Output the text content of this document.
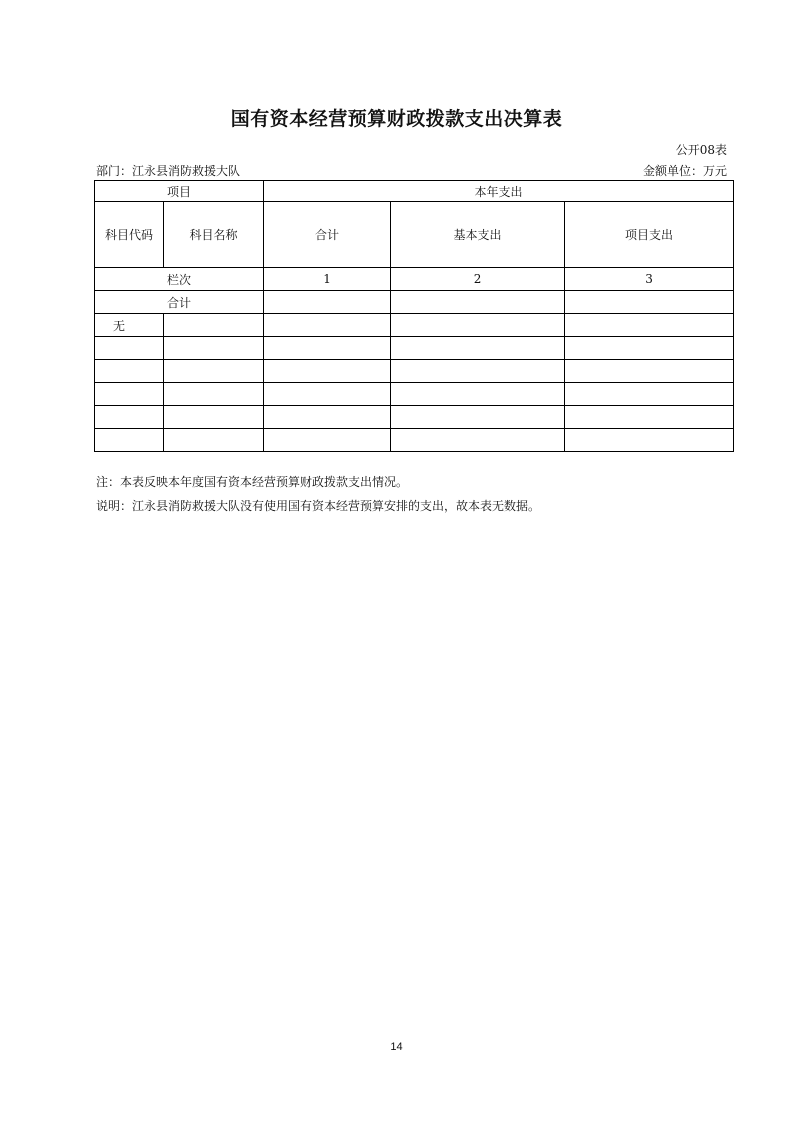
国有资本经营预算财政拨款支出决算表
公开08表
部门：江永县消防救援大队	金额单位：万元
项目		本年支出		
科目代码	科目名称	合计	基本支出	项目支出
栏次		1	2	3
合计				
无				

注：本表反映本年度国有资本经营预算财政拨款支出情况。
说明：江永县消防救援大队没有使用国有资本经营预算安排的支出，故本表无数据。
14
